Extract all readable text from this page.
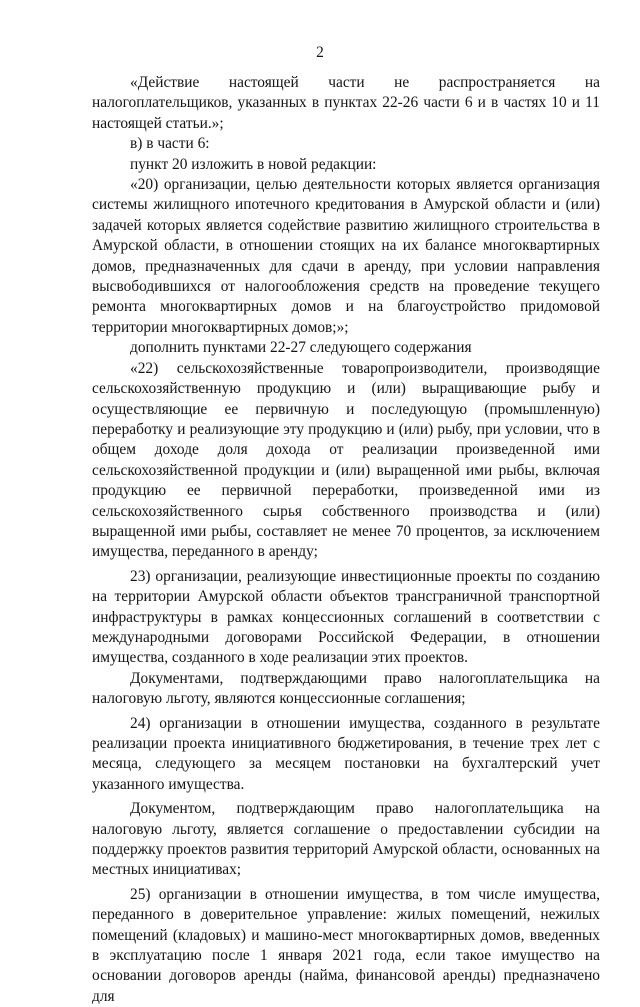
2

«Действие настоящей части не распространяется на налогоплательщиков, указанных в пунктах 22-26 части 6 и в частях 10 и 11 настоящей статьи.»;

в) в части 6:

пункт 20 изложить в новой редакции:

«20) организации, целью деятельности которых является организация системы жилищного ипотечного кредитования в Амурской области и (или) задачей которых является содействие развитию жилищного строительства в Амурской области, в отношении стоящих на их балансе многоквартирных домов, предназначенных для сдачи в аренду, при условии направления высвободившихся от налогообложения средств на проведение текущего ремонта многоквартирных домов и на благоустройство придомовой территории многоквартирных домов;»;

дополнить пунктами 22-27 следующего содержания

«22) сельскохозяйственные товаропроизводители, производящие сельскохозяйственную продукцию и (или) выращивающие рыбу и осуществляющие ее первичную и последующую (промышленную) переработку и реализующие эту продукцию и (или) рыбу, при условии, что в общем доходе доля дохода от реализации произведенной ими сельскохозяйственной продукции и (или) выращенной ими рыбы, включая продукцию ее первичной переработки, произведенной ими из сельскохозяйственного сырья собственного производства и (или) выращенной ими рыбы, составляет не менее 70 процентов, за исключением имущества, переданного в аренду;

23) организации, реализующие инвестиционные проекты по созданию на территории Амурской области объектов трансграничной транспортной инфраструктуры в рамках концессионных соглашений в соответствии с международными договорами Российской Федерации, в отношении имущества, созданного в ходе реализации этих проектов.

Документами, подтверждающими право налогоплательщика на налоговую льготу, являются концессионные соглашения;

24) организации в отношении имущества, созданного в результате реализации проекта инициативного бюджетирования, в течение трех лет с месяца, следующего за месяцем постановки на бухгалтерский учет указанного имущества.

Документом, подтверждающим право налогоплательщика на налоговую льготу, является соглашение о предоставлении субсидии на поддержку проектов развития территорий Амурской области, основанных на местных инициативах;

25) организации в отношении имущества, в том числе имущества, переданного в доверительное управление: жилых помещений, нежилых помещений (кладовых) и машино-мест многоквартирных домов, введенных в эксплуатацию после 1 января 2021 года, если такое имущество на основании договоров аренды (найма, финансовой аренды) предназначено для
